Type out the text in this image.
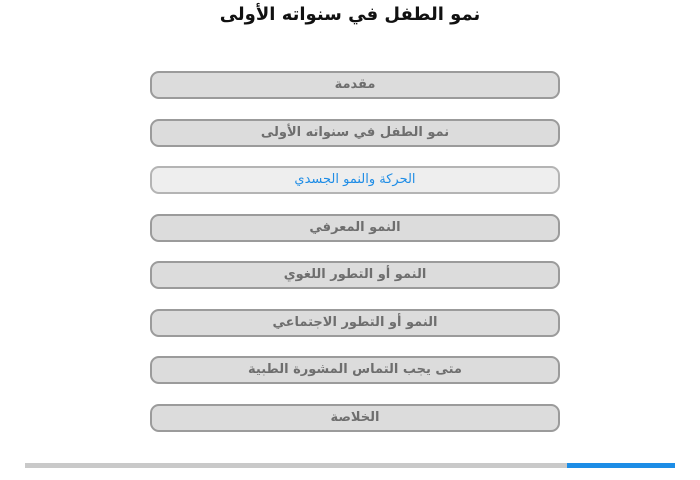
نمو الطفل في سنواته الأولى
مقدمة
نمو الطفل في سنواته الأولى
الحركة والنمو الجسدي
النمو المعرفي
النمو أو التطور اللغوي
النمو أو التطور الاجتماعي
متى يجب التماس المشورة الطبية
الخلاصة
